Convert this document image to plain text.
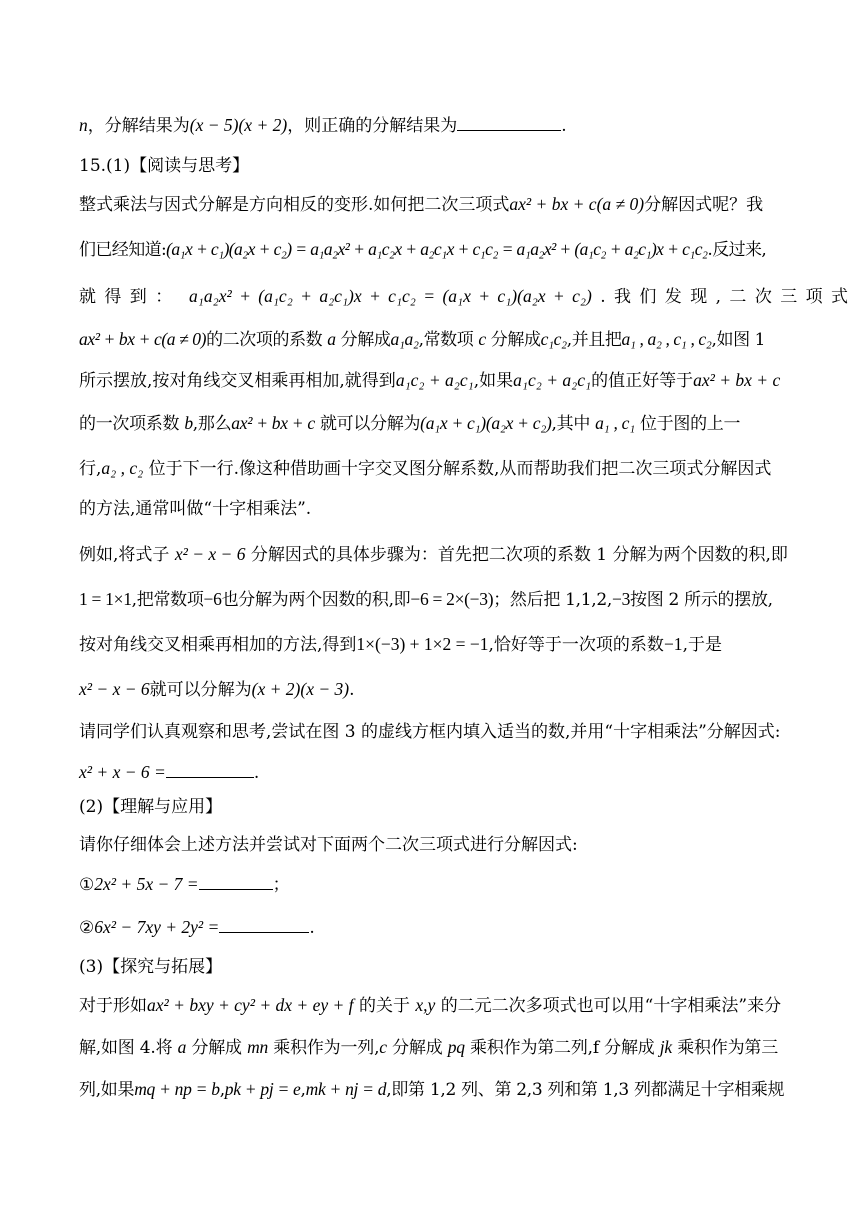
n，分解结果为(x − 5)(x + 2)，则正确的分解结果为	.
15.(1)【阅读与思考】
整式乘法与因式分解是方向相反的变形.如何把二次三项式ax² + bx + c(a ≠ 0)分解因式呢？我
们已经知道:(a₁x + c₁)(a₂x + c₂) = a₁a₂x² + a₁c₂x + a₂c₁x + c₁c₂ = a₁a₂x² + (a₁c₂ + a₂c₁)x + c₁c₂.反过来,
就 得 到 ： a₁a₂x² + (a₁c₂ + a₂c₁)x + c₁c₂ = (a₁x + c₁)(a₂x + c₂) . 我 们 发 现 , 二 次 三 项 式
ax² + bx + c(a ≠ 0)的二次项的系数 a 分解成a₁a₂,常数项 c 分解成c₁c₂,并且把a₁ , a₂ , c₁ , c₂,如图 1
所示摆放,按对角线交叉相乘再相加,就得到a₁c₂ + a₂c₁,如果a₁c₂ + a₂c₁的值正好等于ax² + bx + c
的一次项系数 b,那么ax² + bx + c 就可以分解为(a₁x + c₁)(a₂x + c₂),其中 a₁ , c₁ 位于图的上一
行,a₂ , c₂ 位于下一行.像这种借助画十字交叉图分解系数,从而帮助我们把二次三项式分解因式
的方法,通常叫做“十字相乘法”.
例如,将式子 x² − x − 6 分解因式的具体步骤为：首先把二次项的系数 1 分解为两个因数的积,即
1 = 1×1,把常数项−6也分解为两个因数的积,即−6 = 2×(−3)；然后把 1,1,2,−3按图 2 所示的摆放,
按对角线交叉相乘再相加的方法,得到1×(−3) + 1×2 = −1,恰好等于一次项的系数−1,于是
x² − x − 6就可以分解为(x + 2)(x − 3).
请同学们认真观察和思考,尝试在图 3 的虚线方框内填入适当的数,并用“十字相乘法”分解因式:
x² + x − 6 =	.
(2)【理解与应用】
请你仔细体会上述方法并尝试对下面两个二次三项式进行分解因式:
①2x² + 5x − 7 =	；
②6x² − 7xy + 2y² =	.
(3)【探究与拓展】
对于形如ax² + bxy + cy² + dx + ey + f 的关于 x,y 的二元二次多项式也可以用“十字相乘法”来分
解,如图 4.将 a 分解成 mn 乘积作为一列,c 分解成 pq 乘积作为第二列,f 分解成 jk 乘积作为第三
列,如果mq + np = b,pk + pj = e,mk + nj = d,即第 1,2 列、第 2,3 列和第 1,3 列都满足十字相乘规
